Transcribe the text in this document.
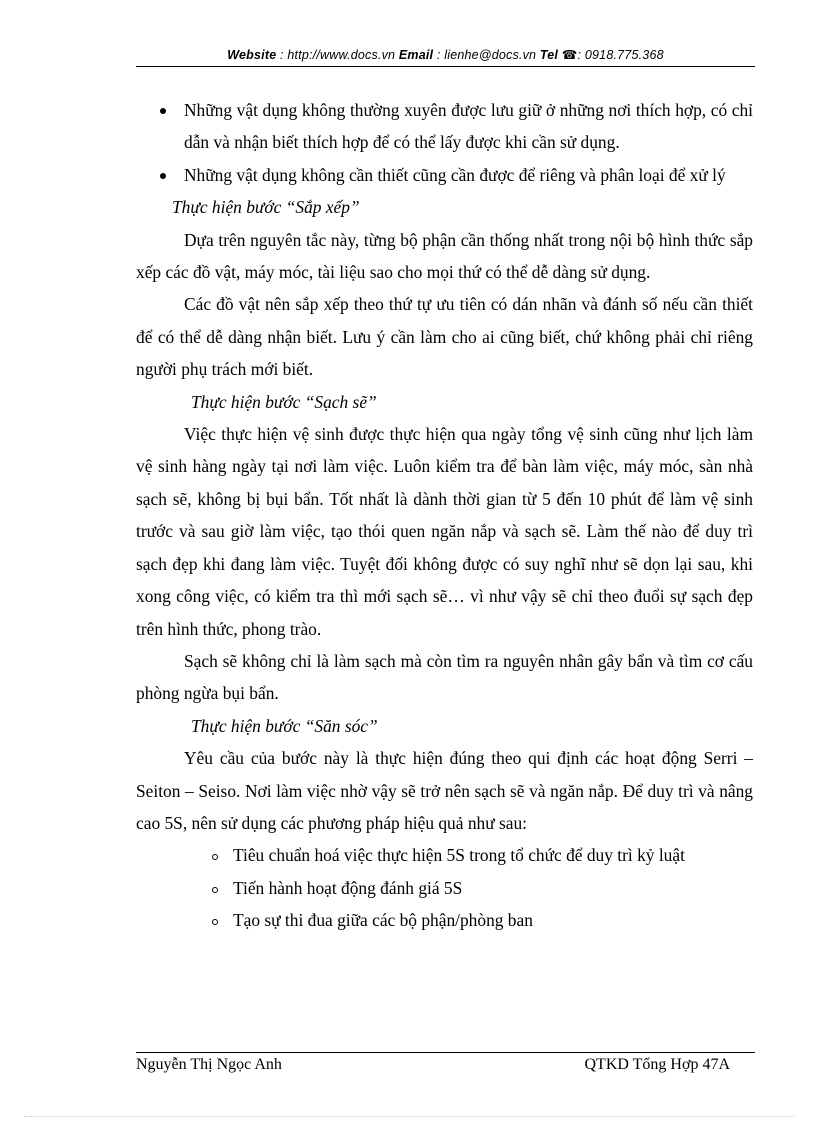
Website : http://www.docs.vn Email : lienhe@docs.vn Tel ☎: 0918.775.368

Những vật dụng không thường xuyên được lưu giữ ở những nơi thích hợp, có chỉ dẫn và nhận biết thích hợp để có thể lấy được khi cần sử dụng.

Những vật dụng không cần thiết cũng cần được để riêng và phân loại để xử lý

Thực hiện bước “Sắp xếp”

Dựa trên nguyên tắc này, từng bộ phận cần thống nhất trong nội bộ hình thức sắp xếp các đồ vật, máy móc, tài liệu sao cho mọi thứ có thể dễ dàng sử dụng.

Các đồ vật nên sắp xếp theo thứ tự ưu tiên có dán nhãn và đánh số nếu cần thiết để có thể dễ dàng nhận biết. Lưu ý cần làm cho ai cũng biết, chứ không phải chỉ riêng người phụ trách mới biết.

Thực hiện bước “Sạch sẽ”

Việc thực hiện vệ sinh được thực hiện qua ngày tổng vệ sinh cũng như lịch làm vệ sinh hàng ngày tại nơi làm việc. Luôn kiểm tra để bàn làm việc, máy móc, sàn nhà sạch sẽ, không bị bụi bẩn. Tốt nhất là dành thời gian từ 5 đến 10 phút để làm vệ sinh trước và sau giờ làm việc, tạo thói quen ngăn nắp và sạch sẽ. Làm thế nào để duy trì sạch đẹp khi đang làm việc. Tuyệt đối không được có suy nghĩ như sẽ dọn lại sau, khi xong công việc, có kiểm tra thì mới sạch sẽ… vì như vậy sẽ chỉ theo đuổi sự sạch đẹp trên hình thức, phong trào.

Sạch sẽ không chỉ là làm sạch mà còn tìm ra nguyên nhân gây bẩn và tìm cơ cấu phòng ngừa bụi bẩn.

Thực hiện bước “Săn sóc”

Yêu cầu của bước này là thực hiện đúng theo qui định các hoạt động Serri – Seiton – Seiso. Nơi làm việc nhờ vậy sẽ trở nên sạch sẽ và ngăn nắp. Để duy trì và nâng cao 5S, nên sử dụng các phương pháp hiệu quả như sau:

Tiêu chuẩn hoá việc thực hiện 5S trong tổ chức để duy trì kỷ luật

Tiến hành hoạt động đánh giá 5S

Tạo sự thi đua giữa các bộ phận/phòng ban

Nguyễn Thị Ngọc Anh	QTKD Tổng Hợp 47A
